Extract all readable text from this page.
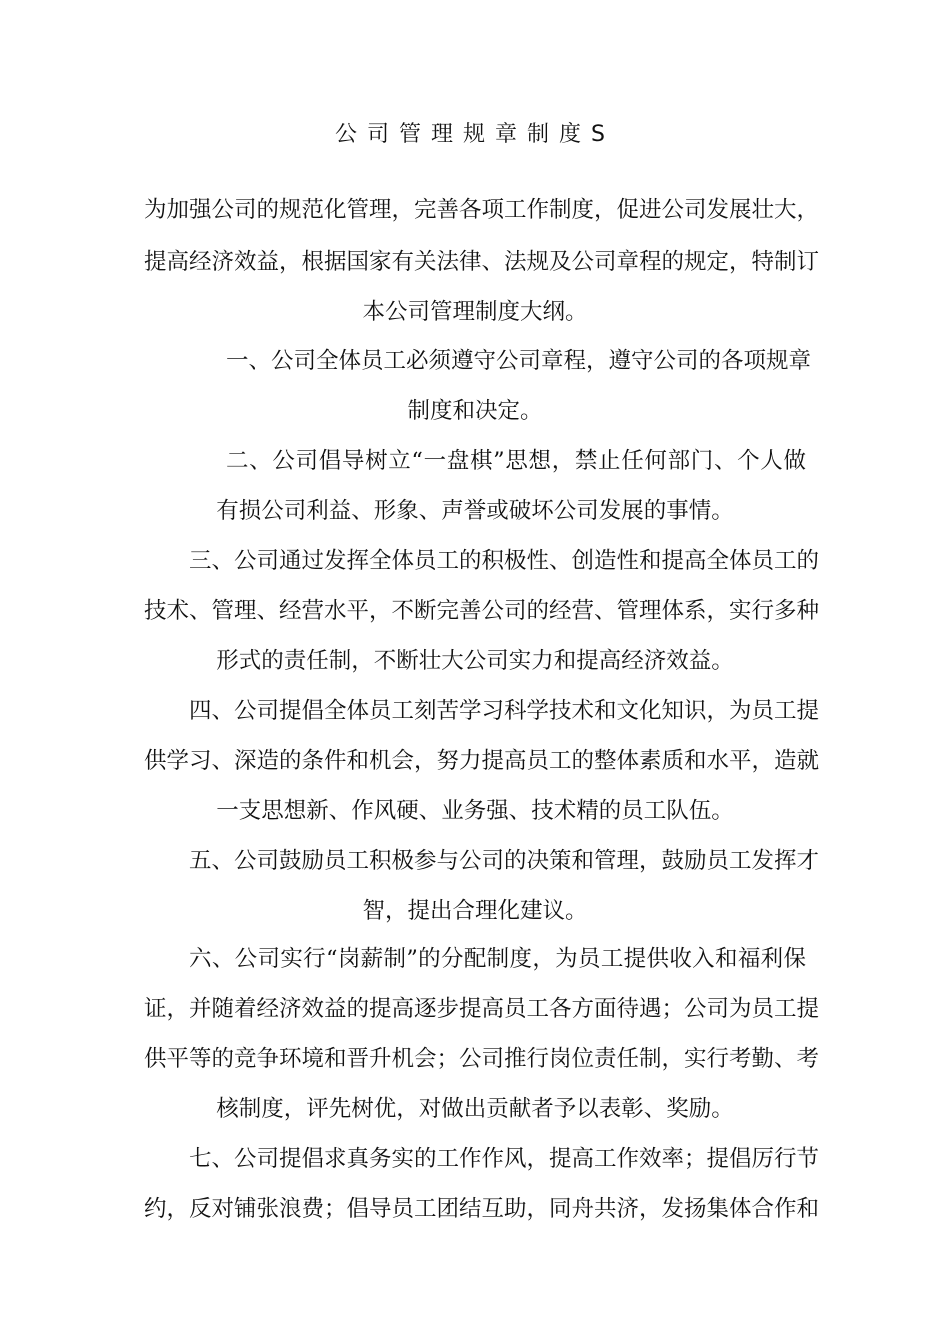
公司管理规章制度S
为加强公司的规范化管理，完善各项工作制度，促进公司发展壮大，
提高经济效益，根据国家有关法律、法规及公司章程的规定，特制订
本公司管理制度大纲。
一、公司全体员工必须遵守公司章程，遵守公司的各项规章
制度和决定。
二、公司倡导树立“一盘棋”思想，禁止任何部门、个人做
有损公司利益、形象、声誉或破坏公司发展的事情。
三、公司通过发挥全体员工的积极性、创造性和提高全体员工的
技术、管理、经营水平，不断完善公司的经营、管理体系，实行多种
形式的责任制，不断壮大公司实力和提高经济效益。
四、公司提倡全体员工刻苦学习科学技术和文化知识，为员工提
供学习、深造的条件和机会，努力提高员工的整体素质和水平，造就
一支思想新、作风硬、业务强、技术精的员工队伍。
五、公司鼓励员工积极参与公司的决策和管理，鼓励员工发挥才
智，提出合理化建议。
六、公司实行“岗薪制”的分配制度，为员工提供收入和福利保
证，并随着经济效益的提高逐步提高员工各方面待遇；公司为员工提
供平等的竞争环境和晋升机会；公司推行岗位责任制，实行考勤、考
核制度，评先树优，对做出贡献者予以表彰、奖励。
七、公司提倡求真务实的工作作风，提高工作效率；提倡厉行节
约，反对铺张浪费；倡导员工团结互助，同舟共济，发扬集体合作和
